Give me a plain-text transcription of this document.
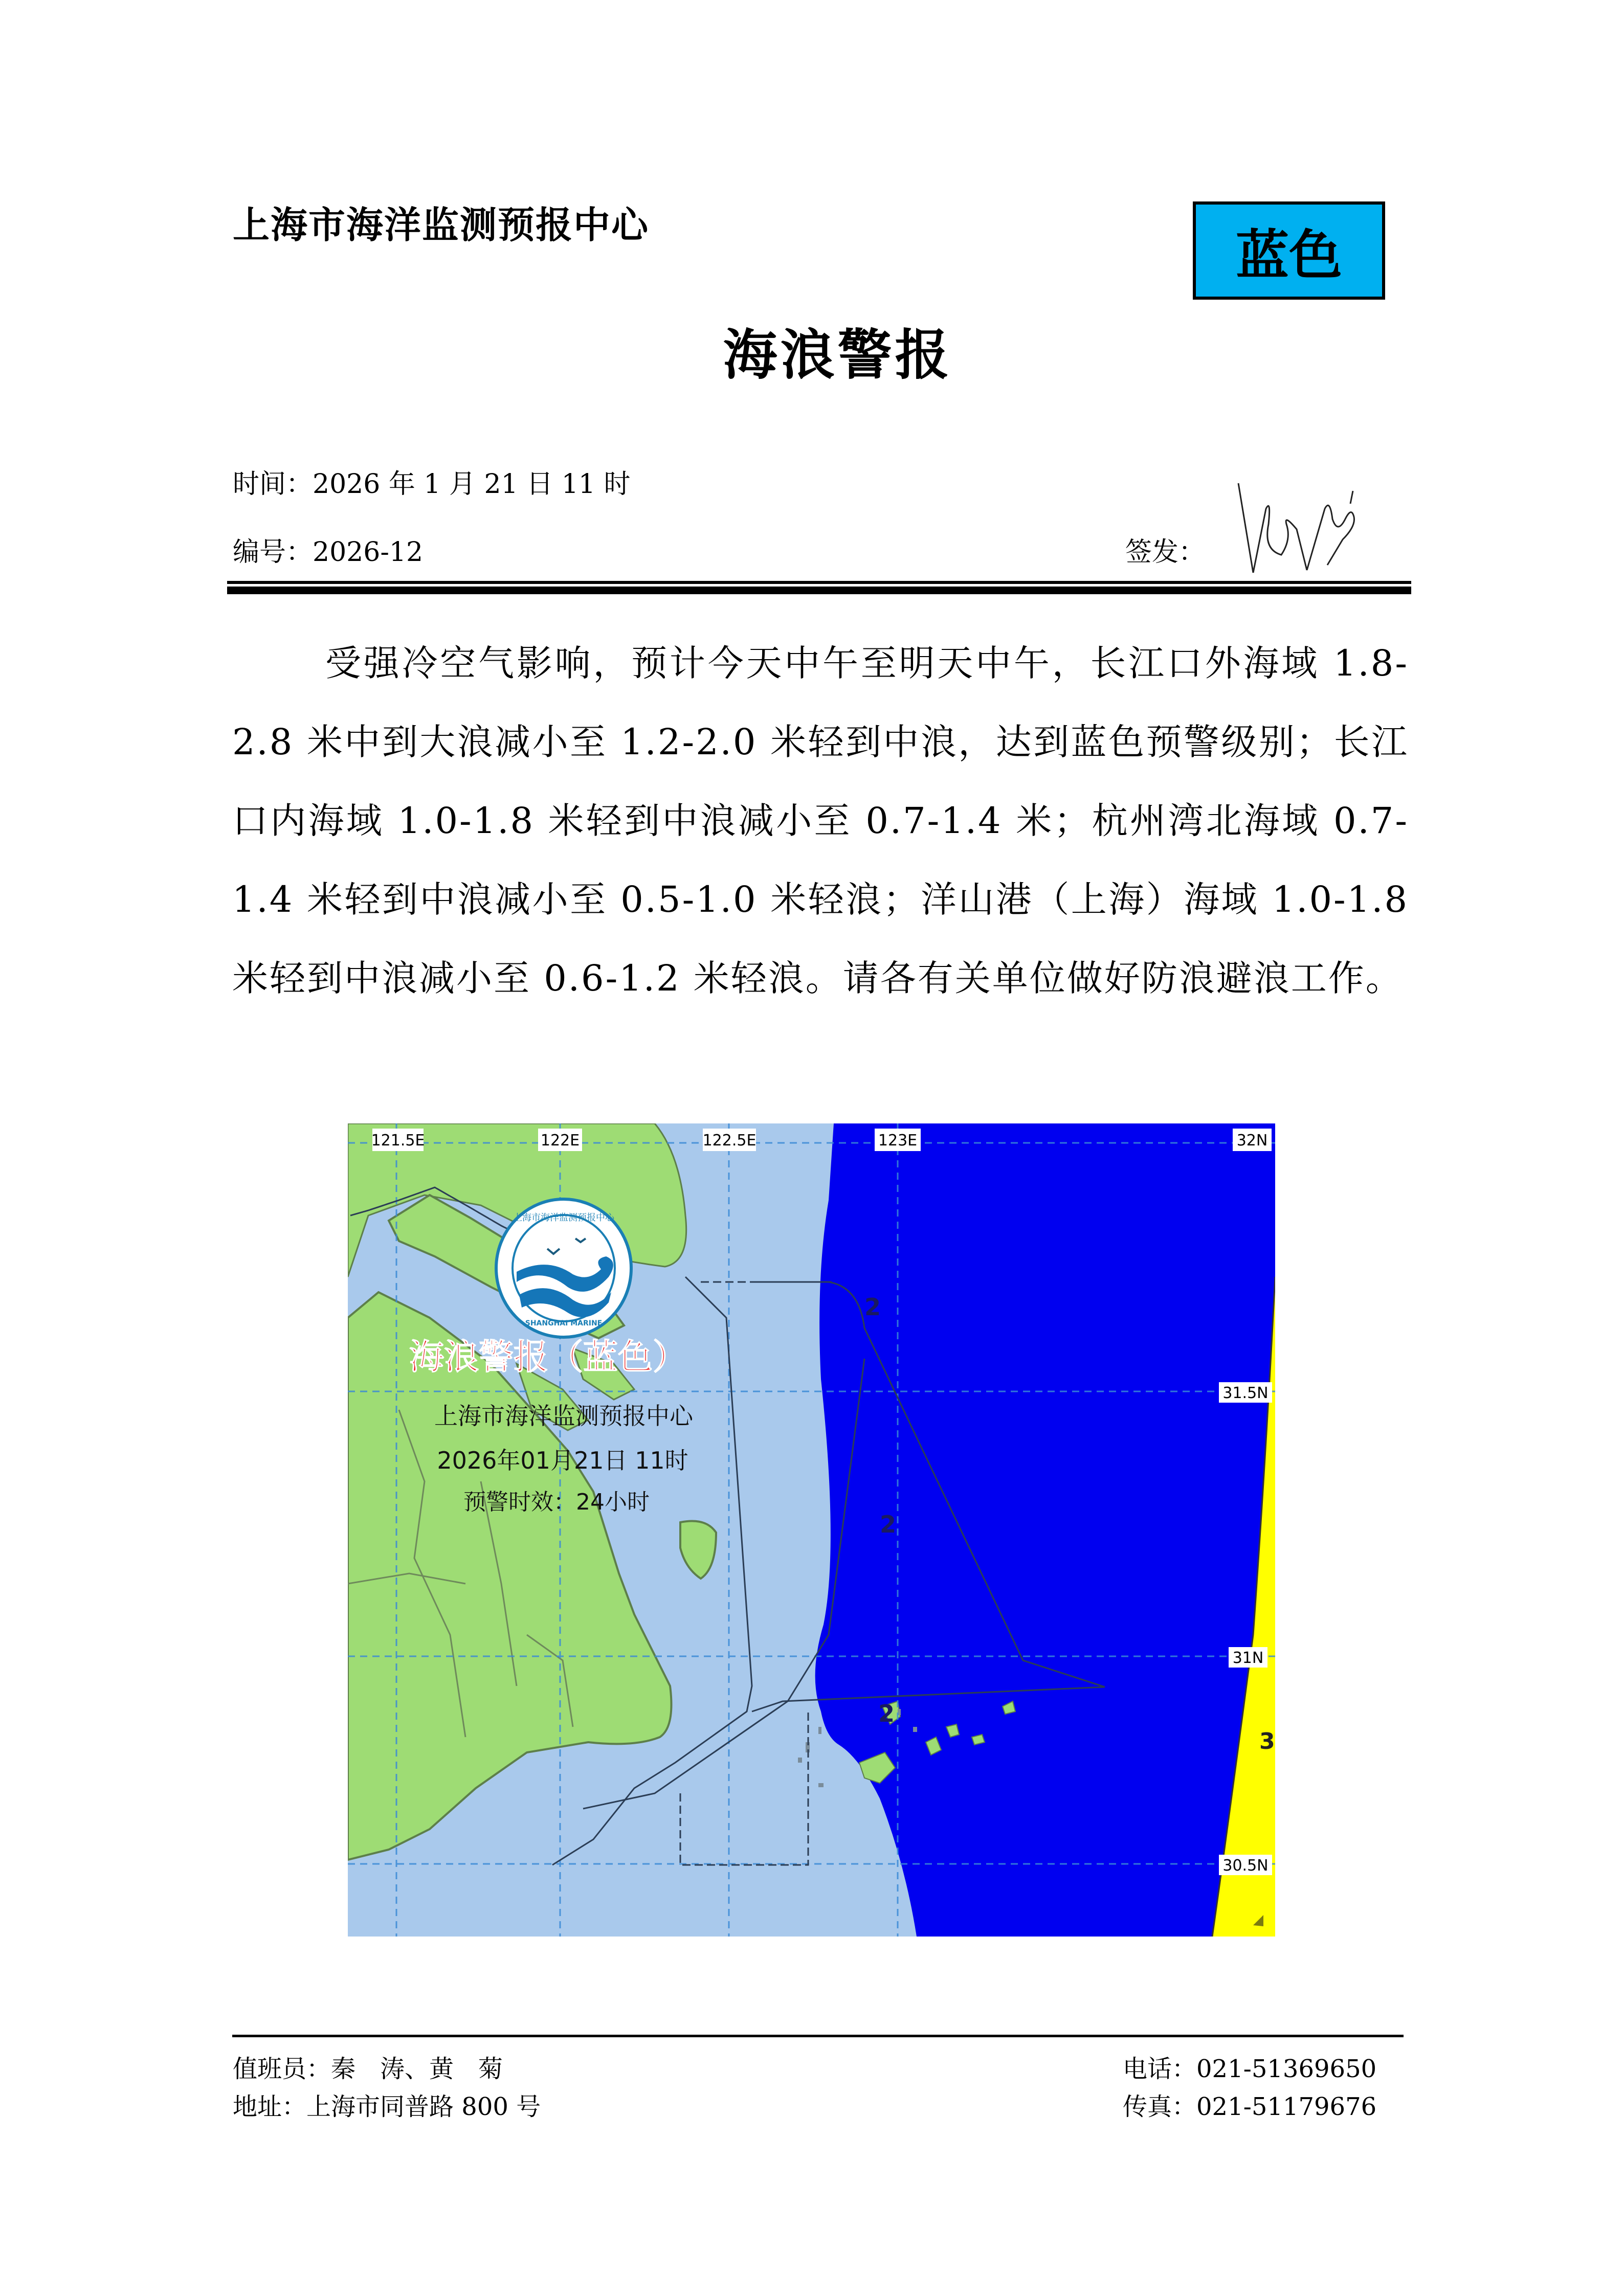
上海市海洋监测预报中心	蓝色
海浪警报
时间：2026 年 1 月 21 日 11 时
编号：2026-12	签发：

受强冷空气影响，预计今天中午至明天中午，长江口外海域 1.8-2.8 米中到大浪减小至 1.2-2.0 米轻到中浪，达到蓝色预警级别；长江口内海域 1.0-1.8 米轻到中浪减小至 0.7-1.4 米；杭州湾北海域 0.7-1.4 米轻到中浪减小至 0.5-1.0 米轻浪；洋山港（上海）海域 1.0-1.8 米轻到中浪减小至 0.6-1.2 米轻浪。请各有关单位做好防浪避浪工作。

2
2
2
3
121.5E	122E	122.5E	123E	32N
31.5N
31N
30.5N
上海市海洋监测预报中心
SHANGHAI MARINE
海浪警报（蓝色）
上海市海洋监测预报中心
2026年01月21日 11时
预警时效：24小时
值班员：秦　涛、黄　菊
地址：上海市同普路 800 号
电话：021-51369650
传真：021-51179676
